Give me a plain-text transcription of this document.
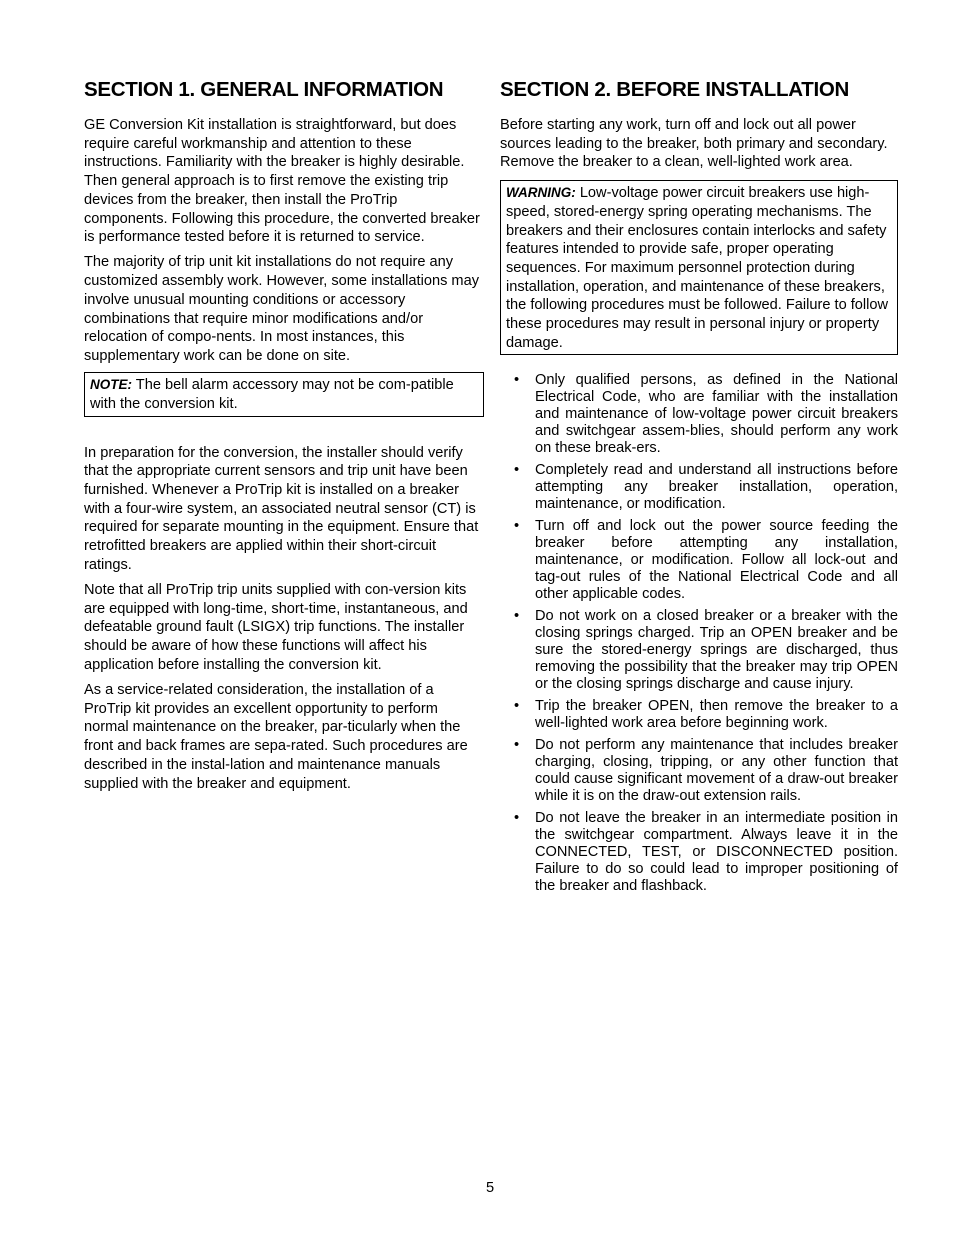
SECTION 1. GENERAL INFORMATION

GE Conversion Kit installation is straightforward, but does require careful workmanship and attention to these instructions. Familiarity with the breaker is highly desirable. Then general approach is to first remove the existing trip devices from the breaker, then install the ProTrip components. Following this procedure, the converted breaker is performance tested before it is returned to service.

The majority of trip unit kit installations do not require any customized assembly work. However, some installations may involve unusual mounting conditions or accessory combinations that require minor modifications and/or relocation of compo-nents. In most instances, this supplementary work can be done on site.

NOTE: The bell alarm accessory may not be com-patible with the conversion kit.

In preparation for the conversion, the installer should verify that the appropriate current sensors and trip unit have been furnished. Whenever a ProTrip kit is installed on a breaker with a four-wire system, an associated neutral sensor (CT) is required for separate mounting in the equipment. Ensure that retrofitted breakers are applied within their short-circuit ratings.

Note that all ProTrip trip units supplied with con-version kits are equipped with long-time, short-time, instantaneous, and defeatable ground fault (LSIGX) trip functions. The installer should be aware of how these functions will affect his application before installing the conversion kit.

As a service-related consideration, the installation of a ProTrip kit provides an excellent opportunity to perform normal maintenance on the breaker, par-ticularly when the front and back frames are sepa-rated. Such procedures are described in the instal-lation and maintenance manuals supplied with the breaker and equipment.

SECTION 2. BEFORE INSTALLATION

Before starting any work, turn off and lock out all power sources leading to the breaker, both primary and secondary. Remove the breaker to a clean, well-lighted work area.

WARNING: Low-voltage power circuit breakers use high-speed, stored-energy spring operating mechanisms. The breakers and their enclosures contain interlocks and safety features intended to provide safe, proper operating sequences. For maximum personnel protection during installation, operation, and maintenance of these breakers, the following procedures must be followed. Failure to follow these procedures may result in personal injury or property damage.
• Only qualified persons, as defined in the National Electrical Code, who are familiar with the installation and maintenance of low-voltage power circuit breakers and switchgear assem-blies, should perform any work on these break-ers.
• Completely read and understand all instructions before attempting any breaker installation, operation, maintenance, or modification.
• Turn off and lock out the power source feeding the breaker before attempting any installation, maintenance, or modification. Follow all lock-out and tag-out rules of the National Electrical Code and all other applicable codes.
• Do not work on a closed breaker or a breaker with the closing springs charged. Trip an OPEN breaker and be sure the stored-energy springs are discharged, thus removing the possibility that the breaker may trip OPEN or the closing springs discharge and cause injury.
• Trip the breaker OPEN, then remove the breaker to a well-lighted work area before beginning work.
• Do not perform any maintenance that includes breaker charging, closing, tripping, or any other function that could cause significant movement of a draw-out breaker while it is on the draw-out extension rails.
• Do not leave the breaker in an intermediate position in the switchgear compartment. Always leave it in the CONNECTED, TEST, or DISCONNECTED position. Failure to do so could lead to improper positioning of the breaker and flashback.
5
